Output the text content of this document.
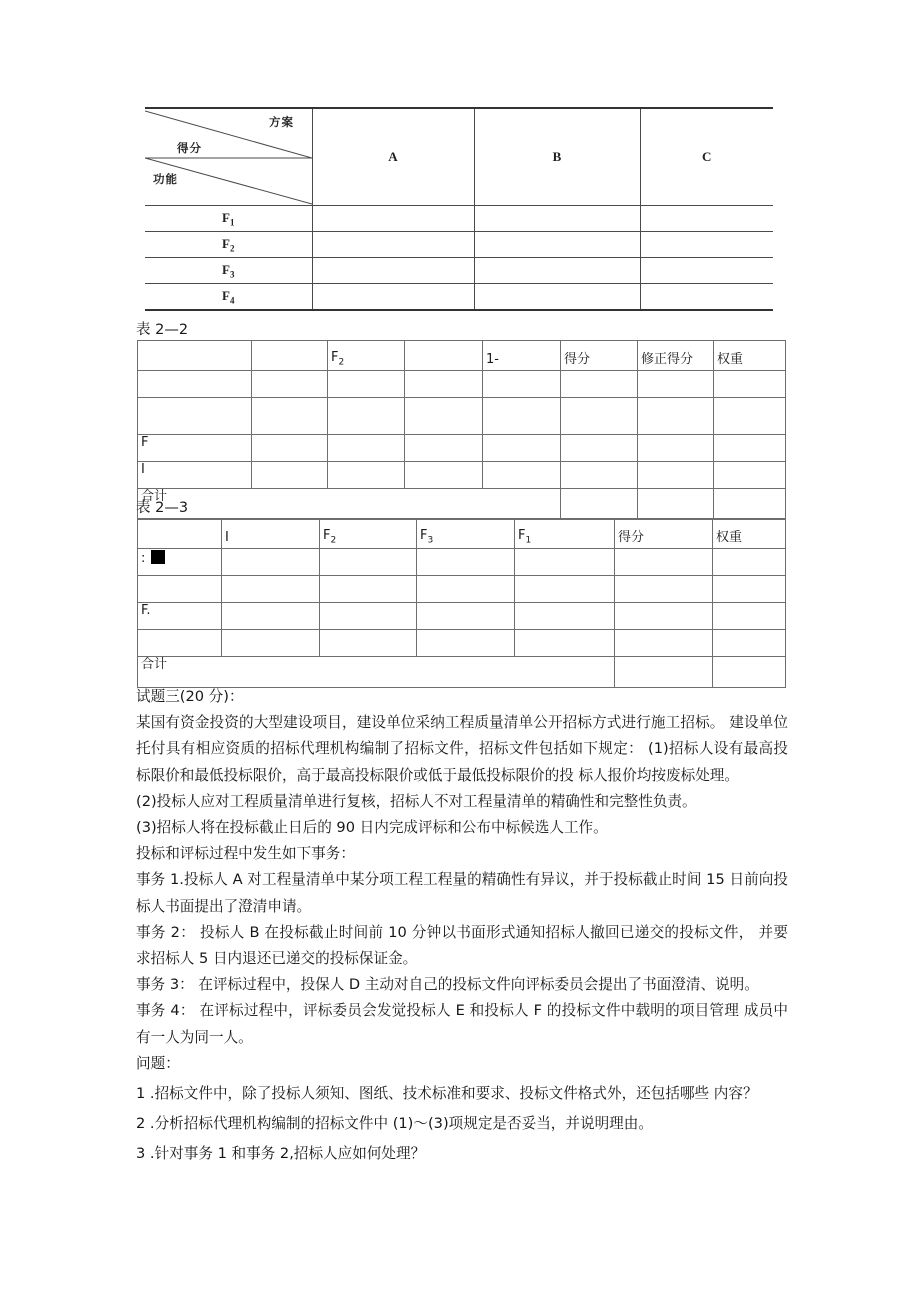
方案
得分
功能	A	B	C
$F_1$			
$F_2$			
$F_3$			
$F_4$			
表 2—2
		$F_2$		1-	得分	修正得分	权重

F							
I							
合计							
表 2—3
	I	$F_2$	$F_3$	$F_1$	得分	权重
:						

F.						

合计						

试题三(20 分)：

某国有资金投资的大型建设项目，建设单位采纳工程质量清单公开招标方式进行施工招标。 建设单位托付具有相应资质的招标代理机构编制了招标文件，招标文件包括如下规定： (1)招标人设有最高投标限价和最低投标限价，高于最高投标限价或低于最低投标限价的投 标人报价均按废标处理。

(2)投标人应对工程质量清单进行复核，招标人不对工程量清单的精确性和完整性负责。

(3)招标人将在投标截止日后的 90 日内完成评标和公布中标候选人工作。

投标和评标过程中发生如下事务：

事务 1.投标人 A 对工程量清单中某分项工程工程量的精确性有异议，并于投标截止时间 15 日前向投标人书面提出了澄清申请。

事务 2： 投标人 B 在投标截止时间前 10 分钟以书面形式通知招标人撤回已递交的投标文件， 并要求招标人 5 日内退还已递交的投标保证金。

事务 3： 在评标过程中，投保人 D 主动对自己的投标文件向评标委员会提出了书面澄清、说明。

事务 4： 在评标过程中，评标委员会发觉投标人 E 和投标人 F 的投标文件中载明的项目管理 成员中有一人为同一人。

问题：

1 .招标文件中，除了投标人须知、图纸、技术标准和要求、投标文件格式外，还包括哪些 内容？

2 .分析招标代理机构编制的招标文件中 (1)～(3)项规定是否妥当，并说明理由。

3 .针对事务 1 和事务 2,招标人应如何处理？
